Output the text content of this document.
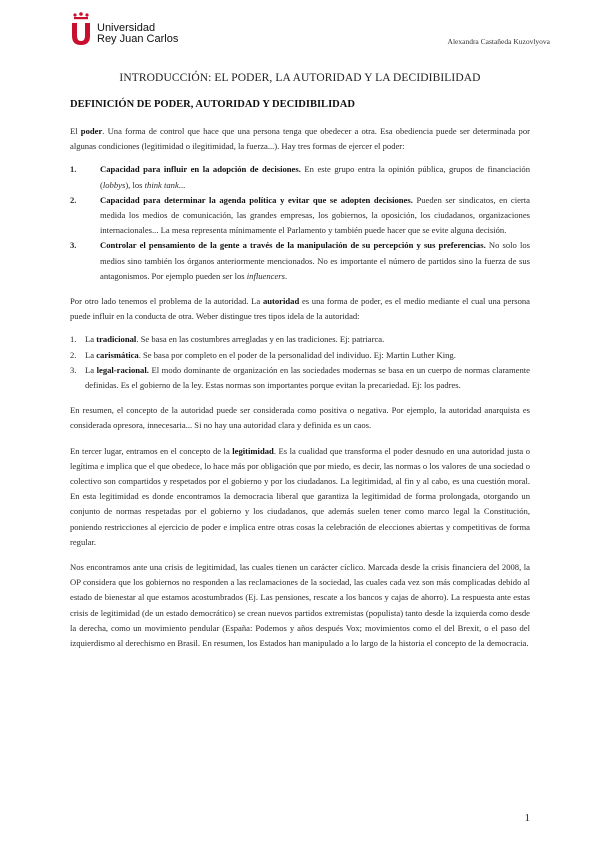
Universidad
Rey Juan Carlos	Alexandra Castañeda Kuzovlyova
INTRODUCCIÓN: EL PODER, LA AUTORIDAD Y LA DECIDIBILIDAD
DEFINICIÓN DE PODER, AUTORIDAD Y DECIDIBILIDAD

El poder. Una forma de control que hace que una persona tenga que obedecer a otra. Esa obediencia puede ser determinada por algunas condiciones (legitimidad o ilegitimidad, la fuerza...). Hay tres formas de ejercer el poder:

1.	Capacidad para influir en la adopción de decisiones. En este grupo entra la opinión pública, grupos de financiación (lobbys), los think tank...
2.	Capacidad para determinar la agenda política y evitar que se adopten decisiones. Pueden ser sindicatos, en cierta medida los medios de comunicación, las grandes empresas, los gobiernos, la oposición, los ciudadanos, organizaciones internacionales... La mesa representa mínimamente el Parlamento y también puede hacer que se evite alguna decisión.
3.	Controlar el pensamiento de la gente a través de la manipulación de su percepción y sus preferencias. No solo los medios sino también los órganos anteriormente mencionados. No es importante el número de partidos sino la fuerza de sus antagonismos. Por ejemplo pueden ser los influencers.

Por otro lado tenemos el problema de la autoridad. La autoridad es una forma de poder, es el medio mediante el cual una persona puede influir en la conducta de otra. Weber distingue tres tipos idela de la autoridad:

1. La tradicional. Se basa en las costumbres arregladas y en las tradiciones. Ej: patriarca.
2. La carismática. Se basa por completo en el poder de la personalidad del individuo. Ej: Martin Luther King.
3. La legal-racional. El modo dominante de organización en las sociedades modernas se basa en un cuerpo de normas claramente definidas. Es el gobierno de la ley. Estas normas son importantes porque evitan la precariedad. Ej: los padres.

En resumen, el concepto de la autoridad puede ser considerada como positiva o negativa. Por ejemplo, la autoridad anarquista es considerada opresora, innecesaria... Si no hay una autoridad clara y definida es un caos.

En tercer lugar, entramos en el concepto de la legitimidad. Es la cualidad que transforma el poder desnudo en una autoridad justa o legítima e implica que el que obedece, lo hace más por obligación que por miedo, es decir, las normas o los valores de una sociedad o colectivo son compartidos y respetados por el gobierno y por los ciudadanos. La legitimidad, al fin y al cabo, es una cuestión moral. En esta legitimidad es donde encontramos la democracia liberal que garantiza la legitimidad de forma prolongada, otorgando un conjunto de normas respetadas por el gobierno y los ciudadanos, que además suelen tener como marco legal la Constitución, poniendo restricciones al ejercicio de poder e implica entre otras cosas la celebración de elecciones abiertas y competitivas de forma regular.

Nos encontramos ante una crisis de legitimidad, las cuales tienen un carácter cíclico. Marcada desde la crisis financiera del 2008, la OP considera que los gobiernos no responden a las reclamaciones de la sociedad, las cuales cada vez son más complicadas debido al estado de bienestar al que estamos acostumbrados (Ej. Las pensiones, rescate a los bancos y cajas de ahorro). La respuesta ante estas crisis de legitimidad (de un estado democrático) se crean nuevos partidos extremistas (populista) tanto desde la izquierda como desde la derecha, como un movimiento pendular (España: Podemos y años después Vox; movimientos como el del Brexit, o el paso del izquierdismo al derechismo en Brasil. En resumen, los Estados han manipulado a lo largo de la historia el concepto de la democracia.

1
